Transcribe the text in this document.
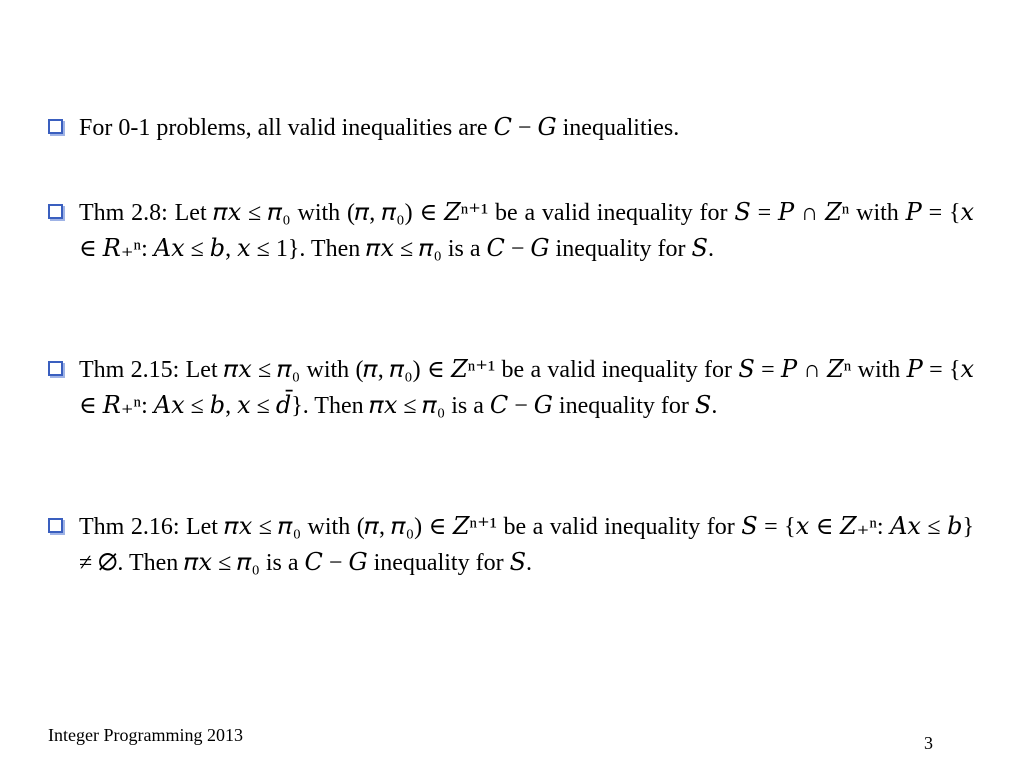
For 0-1 problems, all valid inequalities are 𝐶 − 𝐺 inequalities.
Thm 2.8: Let 𝜋𝑥 ≤ 𝜋₀ with (𝜋, 𝜋₀) ∈ 𝑍ⁿ⁺¹ be a valid inequality for 𝑆 = 𝑃 ∩ 𝑍ⁿ with 𝑃 = {𝑥 ∈ 𝑅₊ⁿ: 𝐴𝑥 ≤ 𝑏, 𝑥 ≤ 1}. Then 𝜋𝑥 ≤ 𝜋₀ is a 𝐶 − 𝐺 inequality for 𝑆.
Thm 2.15: Let 𝜋𝑥 ≤ 𝜋₀ with (𝜋, 𝜋₀) ∈ 𝑍ⁿ⁺¹ be a valid inequality for 𝑆 = 𝑃 ∩ 𝑍ⁿ with 𝑃 = {𝑥 ∈ 𝑅₊ⁿ: 𝐴𝑥 ≤ 𝑏, 𝑥 ≤ 𝑑̄}. Then 𝜋𝑥 ≤ 𝜋₀ is a 𝐶 − 𝐺 inequality for 𝑆.
Thm 2.16: Let 𝜋𝑥 ≤ 𝜋₀ with (𝜋, 𝜋₀) ∈ 𝑍ⁿ⁺¹ be a valid inequality for 𝑆 = {𝑥 ∈ 𝑍₊ⁿ: 𝐴𝑥 ≤ 𝑏} ≠ ∅. Then 𝜋𝑥 ≤ 𝜋₀ is a 𝐶 − 𝐺 inequality for 𝑆.
Integer Programming 2013	3
